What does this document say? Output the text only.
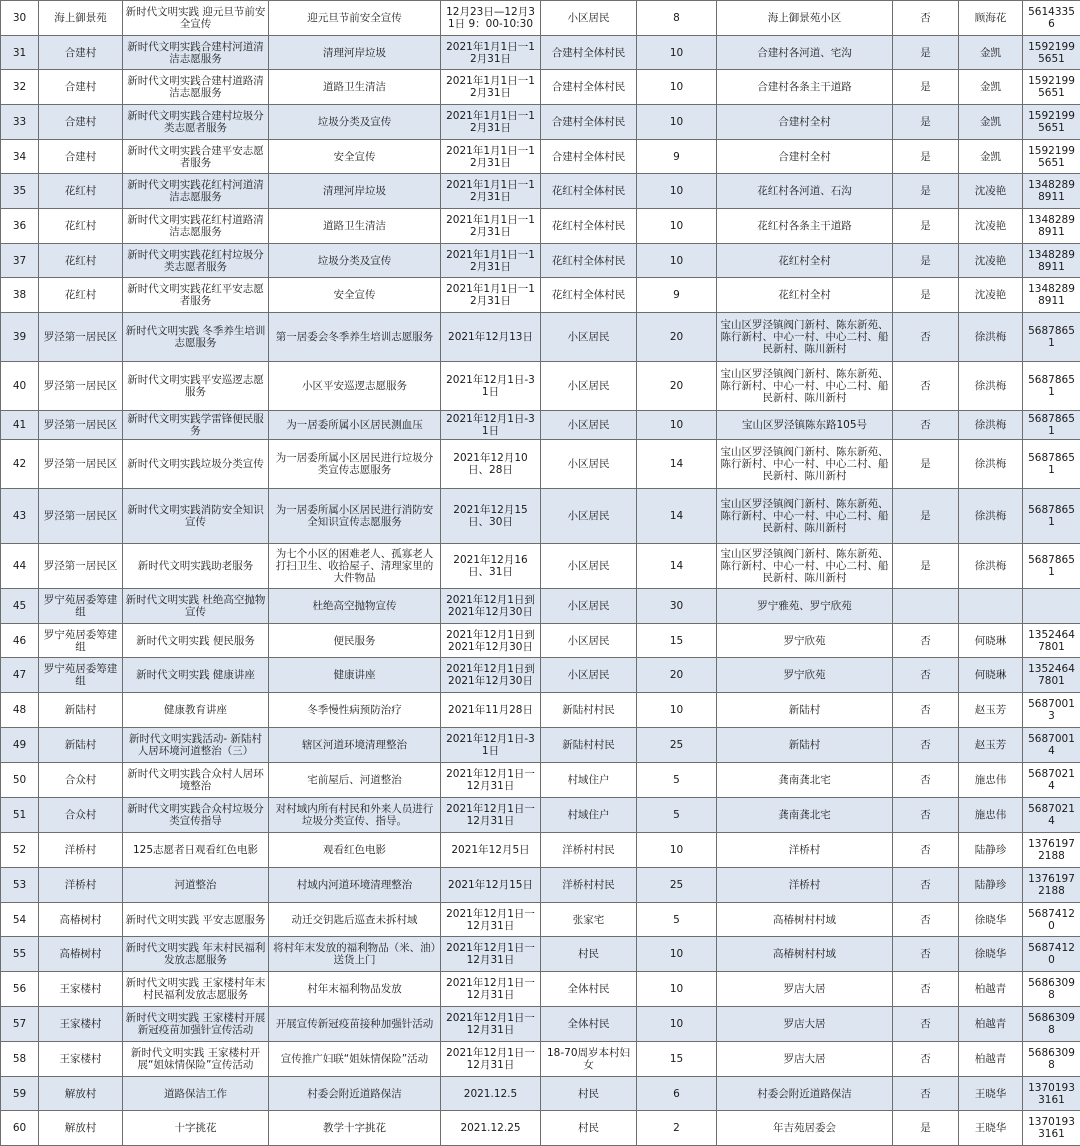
30	海上御景苑	新时代文明实践 迎元旦节前安全宣传	迎元旦节前安全宣传	12月23日—12月31日 9：00-10:30	小区居民	8	海上御景苑小区	否	顾海花	56143356
31	合建村	新时代文明实践合建村河道清洁志愿服务	清理河岸垃圾	2021年1月1日一12月31日	合建村全体村民	10	合建村各河道、宅沟	是	金凯	15921995651
32	合建村	新时代文明实践合建村道路清洁志愿服务	道路卫生清洁	2021年1月1日一12月31日	合建村全体村民	10	合建村各条主干道路	是	金凯	15921995651
33	合建村	新时代文明实践合建村垃圾分类志愿者服务	垃圾分类及宣传	2021年1月1日一12月31日	合建村全体村民	10	合建村全村	是	金凯	15921995651
34	合建村	新时代文明实践合建平安志愿者服务	安全宣传	2021年1月1日一12月31日	合建村全体村民	9	合建村全村	是	金凯	15921995651
35	花红村	新时代文明实践花红村河道清洁志愿服务	清理河岸垃圾	2021年1月1日一12月31日	花红村全体村民	10	花红村各河道、石沟	是	沈凌艳	13482898911
36	花红村	新时代文明实践花红村道路清洁志愿服务	道路卫生清洁	2021年1月1日一12月31日	花红村全体村民	10	花红村各条主干道路	是	沈凌艳	13482898911
37	花红村	新时代文明实践花红村垃圾分类志愿者服务	垃圾分类及宣传	2021年1月1日一12月31日	花红村全体村民	10	花红村全村	是	沈凌艳	13482898911
38	花红村	新时代文明实践花红平安志愿者服务	安全宣传	2021年1月1日一12月31日	花红村全体村民	9	花红村全村	是	沈凌艳	13482898911
39	罗泾第一居民区	新时代文明实践 冬季养生培训志愿服务	第一居委会冬季养生培训志愿服务	2021年12月13日	小区居民	20	宝山区罗泾镇阀门新村、陈东新苑、陈行新村、中心一村、中心二村、船民新村、陈川新村	否	徐洪梅	56878651
40	罗泾第一居民区	新时代文明实践平安巡逻志愿服务	小区平安巡逻志愿服务	2021年12月1日-31日	小区居民	20	宝山区罗泾镇阀门新村、陈东新苑、陈行新村、中心一村、中心二村、船民新村、陈川新村	否	徐洪梅	56878651
41	罗泾第一居民区	新时代文明实践学雷锋便民服务	为一居委所属小区居民测血压	2021年12月1日-31日	小区居民	10	宝山区罗泾镇陈东路105号	否	徐洪梅	56878651
42	罗泾第一居民区	新时代文明实践垃圾分类宣传	为一居委所属小区居民进行垃圾分类宣传志愿服务	2021年12月10日、28日	小区居民	14	宝山区罗泾镇阀门新村、陈东新苑、陈行新村、中心一村、中心二村、船民新村、陈川新村	是	徐洪梅	56878651
43	罗泾第一居民区	新时代文明实践消防安全知识宣传	为一居委所属小区居民进行消防安全知识宣传志愿服务	2021年12月15日、30日	小区居民	14	宝山区罗泾镇阀门新村、陈东新苑、陈行新村、中心一村、中心二村、船民新村、陈川新村	是	徐洪梅	56878651
44	罗泾第一居民区	新时代文明实践助老服务	为七个小区的困难老人、孤寡老人打扫卫生、收拾屋子、清理家里的大件物品	2021年12月16日、31日	小区居民	14	宝山区罗泾镇阀门新村、陈东新苑、陈行新村、中心一村、中心二村、船民新村、陈川新村	是	徐洪梅	56878651
45	罗宁苑居委筹建组	新时代文明实践 杜绝高空抛物宣传	杜绝高空抛物宣传	2021年12月1日到2021年12月30日	小区居民	30	罗宁雅苑、罗宁欣苑			
46	罗宁苑居委筹建组	新时代文明实践 便民服务	便民服务	2021年12月1日到2021年12月30日	小区居民	15	罗宁欣苑	否	何晓琳	13524647801
47	罗宁苑居委筹建组	新时代文明实践 健康讲座	健康讲座	2021年12月1日到2021年12月30日	小区居民	20	罗宁欣苑	否	何晓琳	13524647801
48	新陆村	健康教育讲座	冬季慢性病预防治疗	2021年11月28日	新陆村村民	10	新陆村	否	赵玉芳	56870013
49	新陆村	新时代文明实践活动- 新陆村人居环境河道整治（三）	辖区河道环境清理整治	2021年12月1日-31日	新陆村村民	25	新陆村	否	赵玉芳	56870014
50	合众村	新时代文明实践合众村人居环境整治	宅前屋后、河道整治	2021年12月1日一12月31日	村域住户	5	龚南龚北宅	否	施忠伟	56870214
51	合众村	新时代文明实践合众村垃圾分类宣传指导	对村域内所有村民和外来人员进行垃圾分类宣传、指导。	2021年12月1日一12月31日	村域住户	5	龚南龚北宅	否	施忠伟	56870214
52	洋桥村	125志愿者日观看红色电影	观看红色电影	2021年12月5日	洋桥村村民	10	洋桥村	否	陆静珍	13761972188
53	洋桥村	河道整治	村域内河道环境清理整治	2021年12月15日	洋桥村村民	25	洋桥村	否	陆静珍	13761972188
54	高椿树村	新时代文明实践 平安志愿服务	动迁交钥匙后巡查未拆村域	2021年12月1日一12月31日	张家宅	5	高椿树村村域	否	徐晓华	56874120
55	高椿树村	新时代文明实践 年末村民福利发放志愿服务	将村年末发放的福利物品（米、油）送货上门	2021年12月1日一12月31日	村民	10	高椿树村村域	否	徐晓华	56874120
56	王家楼村	新时代文明实践 王家楼村年末村民福利发放志愿服务	村年末福利物品发放	2021年12月1日一12月31日	全体村民	10	罗店大居	否	柏越青	56863098
57	王家楼村	新时代文明实践 王家楼村开展新冠疫苗加强针宣传活动	开展宣传新冠疫苗接种加强针活动	2021年12月1日一12月31日	全体村民	10	罗店大居	否	柏越青	56863098
58	王家楼村	新时代文明实践 王家楼村开展“姐妹情保险”宣传活动	宣传推广妇联“姐妹情保险”活动	2021年12月1日一12月31日	18-70周岁本村妇女	15	罗店大居	否	柏越青	56863098
59	解放村	道路保洁工作	村委会附近道路保洁	2021.12.5	村民	6	村委会附近道路保洁	否	王晓华	13701933161
60	解放村	十字挑花	教学十字挑花	2021.12.25	村民	2	年吉苑居委会	是	王晓华	13701933161
